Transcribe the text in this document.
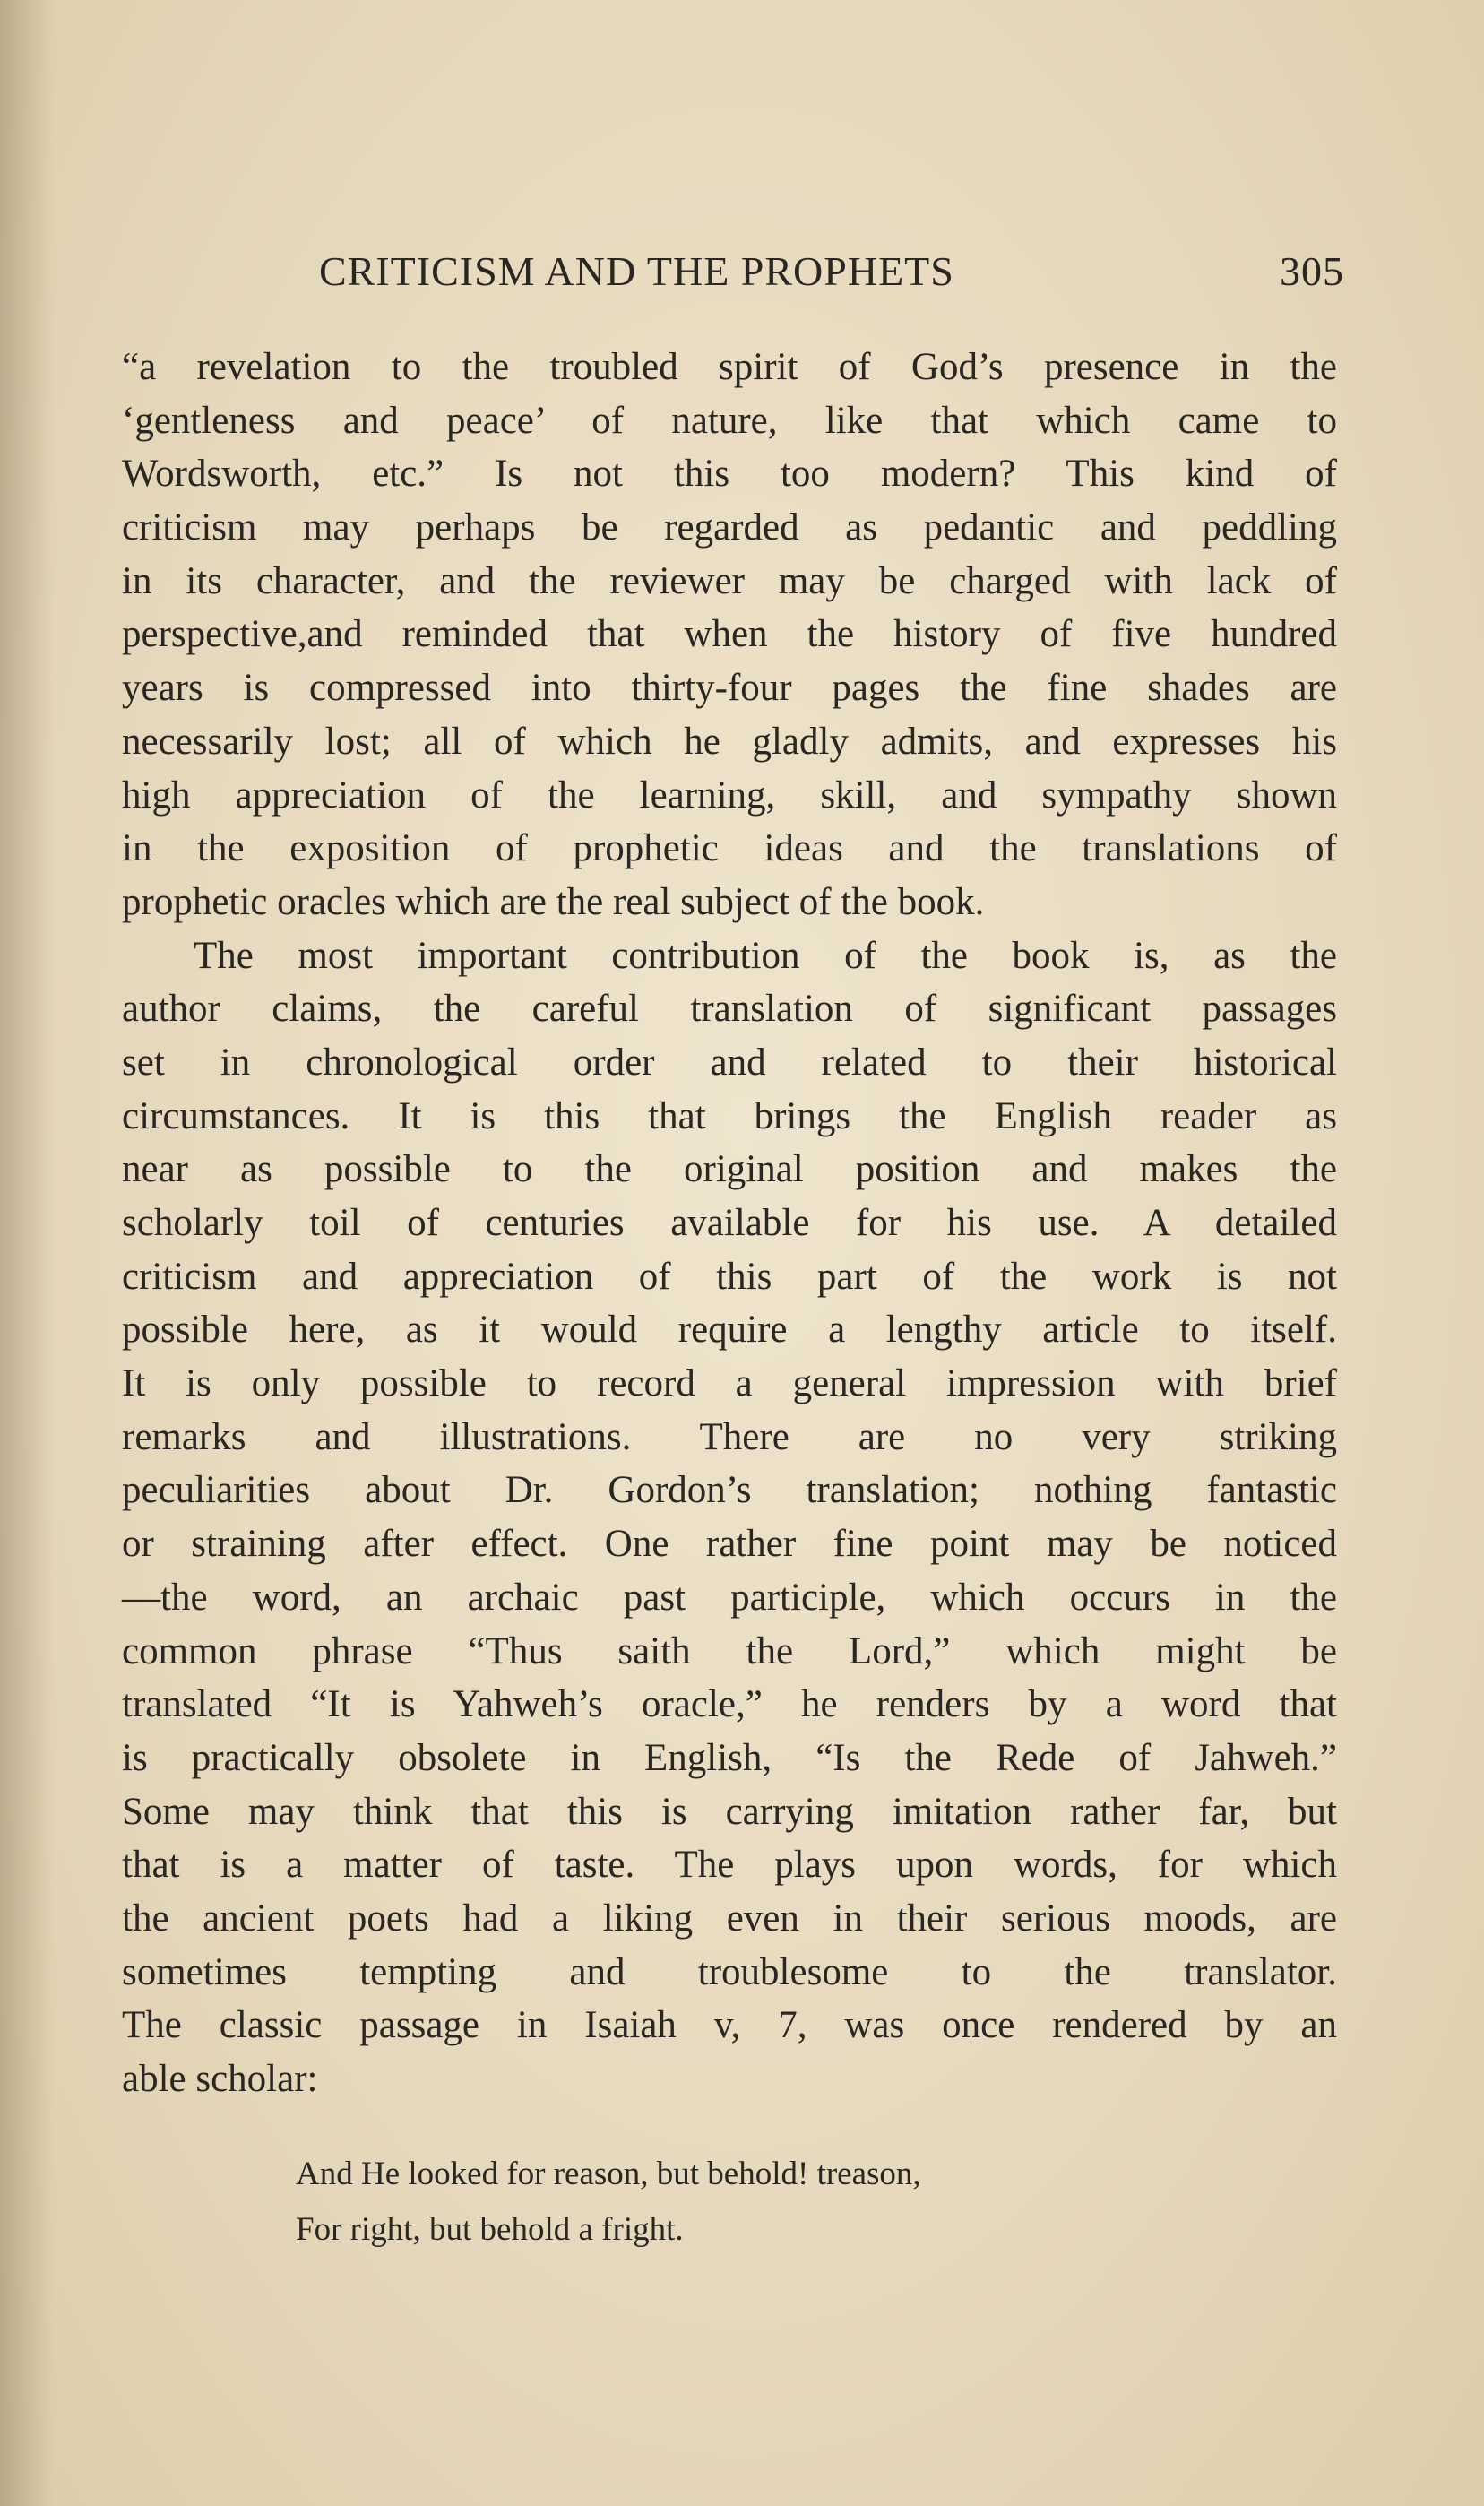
CRITICISM AND THE PROPHETS	305
“a revelation to the troubled spirit of God’s presence in the
‘gentleness and peace’ of nature, like that which came to
Wordsworth, etc.” Is not this too modern? This kind of
criticism may perhaps be regarded as pedantic and peddling
in its character, and the reviewer may be charged with lack of
perspective,and reminded that when the history of five hundred
years is compressed into thirty-four pages the fine shades are
necessarily lost; all of which he gladly admits, and expresses his
high appreciation of the learning, skill, and sympathy shown
in the exposition of prophetic ideas and the translations of
prophetic oracles which are the real subject of the book.
The most important contribution of the book is, as the
author claims, the careful translation of significant passages
set in chronological order and related to their historical
circumstances. It is this that brings the English reader as
near as possible to the original position and makes the
scholarly toil of centuries available for his use. A detailed
criticism and appreciation of this part of the work is not
possible here, as it would require a lengthy article to itself.
It is only possible to record a general impression with brief
remarks and illustrations. There are no very striking
peculiarities about Dr. Gordon’s translation; nothing fantastic
or straining after effect. One rather fine point may be noticed
—the word, an archaic past participle, which occurs in the
common phrase “Thus saith the Lord,” which might be
translated “It is Yahweh’s oracle,” he renders by a word that
is practically obsolete in English, “Is the Rede of Jahweh.”
Some may think that this is carrying imitation rather far, but
that is a matter of taste. The plays upon words, for which
the ancient poets had a liking even in their serious moods, are
sometimes tempting and troublesome to the translator.
The classic passage in Isaiah v, 7, was once rendered by an
able scholar:
And He looked for reason, but behold! treason,
For right, but behold a fright.
